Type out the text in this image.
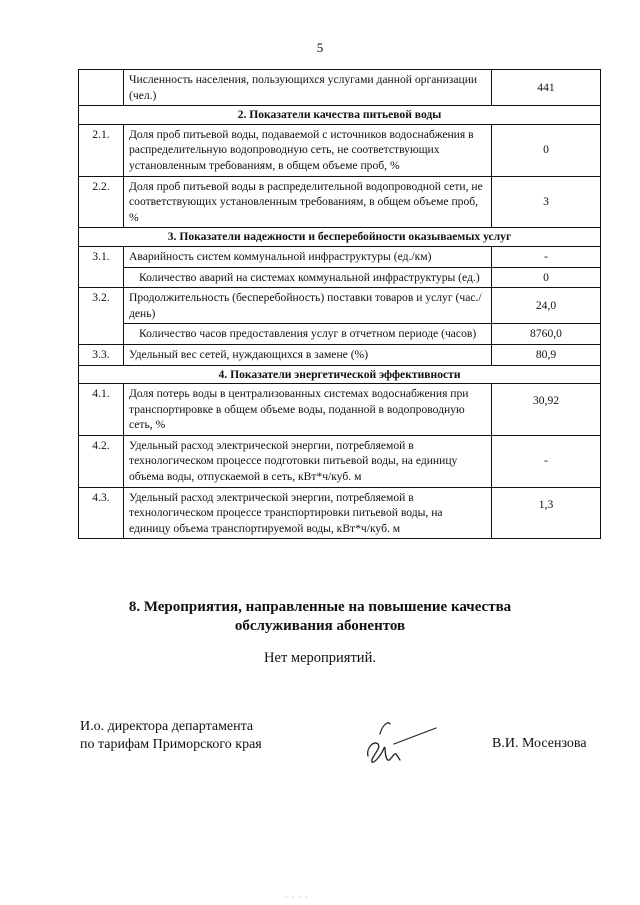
5
	Численность населения, пользующихся услугами данной организации (чел.)	441
2. Показатели качества питьевой воды		
2.1.	Доля проб питьевой воды, подаваемой с источников водоснабжения в распределительную водопроводную сеть, не соответствующих установленным требованиям, в общем объеме проб, %	0
2.2.	Доля проб питьевой воды в распределительной водопроводной сети, не соответствующих установленным требованиям, в общем объеме проб, %	3
3. Показатели надежности и бесперебойности оказываемых услуг		
3.1.	Аварийность систем коммунальной инфраструктуры (ед./км)	-
	Количество аварий на системах коммунальной инфраструктуры (ед.)	0
3.2.	Продолжительность (бесперебойность) поставки товаров и услуг (час./день)	24,0
	Количество часов предоставления услуг в отчетном периоде (часов)	8760,0
3.3.	Удельный вес сетей, нуждающихся в замене (%)	80,9
4. Показатели энергетической эффективности		
4.1.	Доля потерь воды в централизованных системах водоснабжения при транспортировке в общем объеме воды, поданной в водопроводную сеть, %	30,92
4.2.	Удельный расход электрической энергии, потребляемой в технологическом процессе подготовки питьевой воды, на единицу объема воды, отпускаемой в сеть, кВт*ч/куб. м	-
4.3.	Удельный расход электрической энергии, потребляемой в технологическом процессе транспортировки питьевой воды, на единицу объема транспортируемой воды, кВт*ч/куб. м	1,3
8. Мероприятия, направленные на повышение качества
обслуживания абонентов
Нет мероприятий.
И.о. директора департамента
по тарифам Приморского края	В.И. Мосензова
· · · ·
